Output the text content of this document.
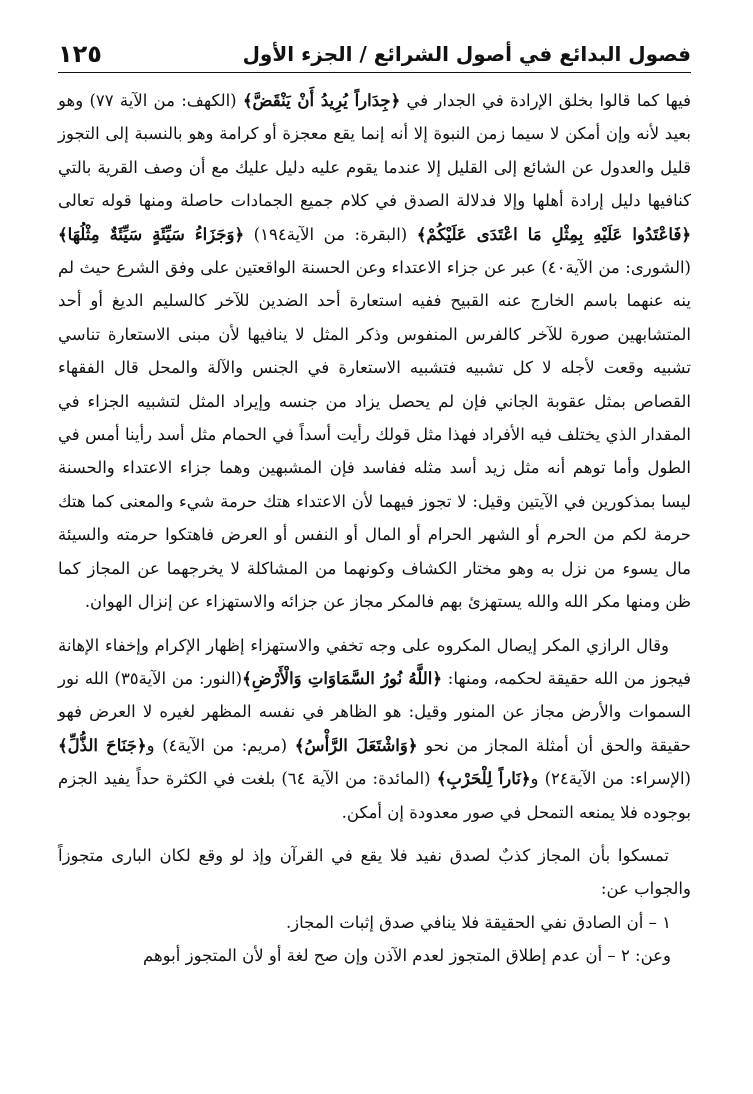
فصول البدائع في أصول الشرائع / الجزء الأول
١٢٥

فيها كما قالوا بخلق الإرادة في الجدار في ﴿جِدَاراً يُرِيدُ أَنْ يَنْقَضَّ﴾ (الكهف: من الآية ٧٧) وهو بعيد لأنه وإن أمكن لا سيما زمن النبوة إلا أنه إنما يقع معجزة أو كرامة وهو بالنسبة إلى التجوز قليل والعدول عن الشائع إلى القليل إلا عندما يقوم عليه دليل عليك مع أن وصف القرية بالتي كنافيها دليل إرادة أهلها وإلا فدلالة الصدق في كلام جميع الجمادات حاصلة ومنها قوله تعالى ﴿فَاعْتَدُوا عَلَيْهِ بِمِثْلِ مَا اعْتَدَى عَلَيْكُمْ﴾ (البقرة: من الآية١٩٤) ﴿وَجَزَاءُ سَيِّئَةٍ سَيِّئَةٌ مِثْلُهَا﴾ (الشورى: من الآية٤٠) عبر عن جزاء الاعتداء وعن الحسنة الواقعتين على وفق الشرع حيث لم ينه عنهما باسم الخارج عنه القبيح ففيه استعارة أحد الضدين للآخر كالسليم الديغ أو أحد المتشابهين صورة للآخر كالفرس المنفوس وذكر المثل لا ينافيها لأن مبنى الاستعارة تناسي تشبيه وقعت لأجله لا كل تشبيه فتشبيه الاستعارة في الجنس والآلة والمحل قال الفقهاء القصاص بمثل عقوبة الجاني فإن لم يحصل يزاد من جنسه وإيراد المثل لتشبيه الجزاء في المقدار الذي يختلف فيه الأفراد فهذا مثل قولك رأيت أسداً في الحمام مثل أسد رأينا أمس في الطول وأما توهم أنه مثل زيد أسد مثله ففاسد فإن المشبهين وهما جزاء الاعتداء والحسنة ليسا بمذكورين في الآيتين وقيل: لا تجوز فيهما لأن الاعتداء هتك حرمة شيء والمعنى كما هتك حرمة لكم من الحرم أو الشهر الحرام أو المال أو النفس أو العرض فاهتكوا حرمته والسيئة مال يسوء من نزل به وهو مختار الكشاف وكونهما من المشاكلة لا يخرجهما عن المجاز كما ظن ومنها مكر الله والله يستهزئ بهم فالمكر مجاز عن جزائه والاستهزاء عن إنزال الهوان.

وقال الرازي المكر إيصال المكروه على وجه تخفي والاستهزاء إظهار الإكرام وإخفاء الإهانة فيجوز من الله حقيقة لحكمه، ومنها: ﴿اللَّهُ نُورُ السَّمَاوَاتِ وَالْأَرْضِ﴾(النور: من الآية٣٥) الله نور السموات والأرض مجاز عن المنور وقيل: هو الظاهر في نفسه المظهر لغيره لا العرض فهو حقيقة والحق أن أمثلة المجاز من نحو ﴿وَاشْتَعَلَ الرَّأْسُ﴾ (مريم: من الآية٤) و﴿جَنَاحَ الذُّلِّ﴾ (الإسراء: من الآية٢٤) و﴿نَاراً لِلْحَرْبِ﴾ (المائدة: من الآية ٦٤) بلغت في الكثرة حداً يفيد الجزم بوجوده فلا يمنعه التمحل في صور معدودة إن أمكن.

تمسكوا بأن المجاز كذبٌ لصدق نفيد فلا يقع في القرآن وإذ لو وقع لكان البارى متجوزاً والجواب عن:

١ – أن الصادق نفي الحقيقة فلا ينافي صدق إثبات المجاز.

وعن: ٢ – أن عدم إطلاق المتجوز لعدم الآذن وإن صح لغة أو لأن المتجوز أبوهم
